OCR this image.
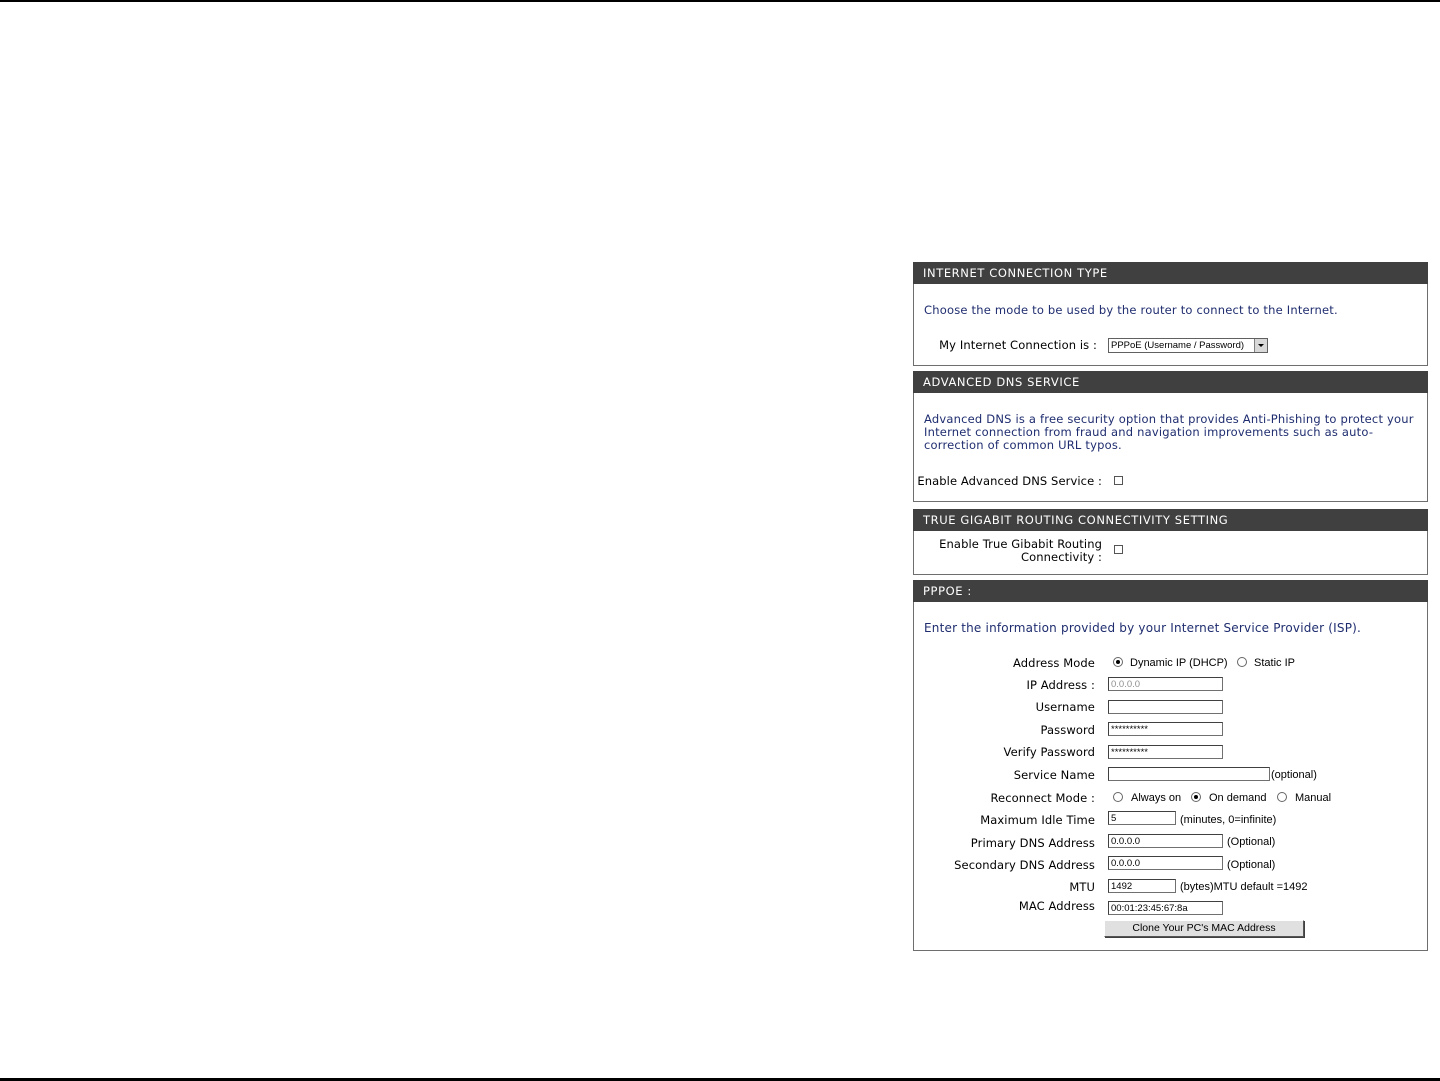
INTERNET CONNECTION TYPE
Choose the mode to be used by the router to connect to the Internet.
My Internet Connection is :	PPPoE (Username / Password)
ADVANCED DNS SERVICE
Advanced DNS is a free security option that provides Anti-Phishing to protect your
Internet connection from fraud and navigation improvements such as auto-
correction of common URL typos.
Enable Advanced DNS Service :
TRUE GIGABIT ROUTING CONNECTIVITY SETTING
Enable True Gibabit Routing
Connectivity :
PPPOE :
Enter the information provided by your Internet Service Provider (ISP).
Address Mode	Dynamic IP (DHCP) Static IP
IP Address :	0.0.0.0
Username
Password	**********
Verify Password	**********
Service Name	(optional)
Reconnect Mode :	Always on	On demand	Manual
Maximum Idle Time	5	(minutes, 0=infinite)
Primary DNS Address	0.0.0.0	(Optional)
Secondary DNS Address	0.0.0.0	(Optional)
MTU	1492	(bytes)MTU default =1492
MAC Address	00:01:23:45:67:8a
Clone Your PC's MAC Address
